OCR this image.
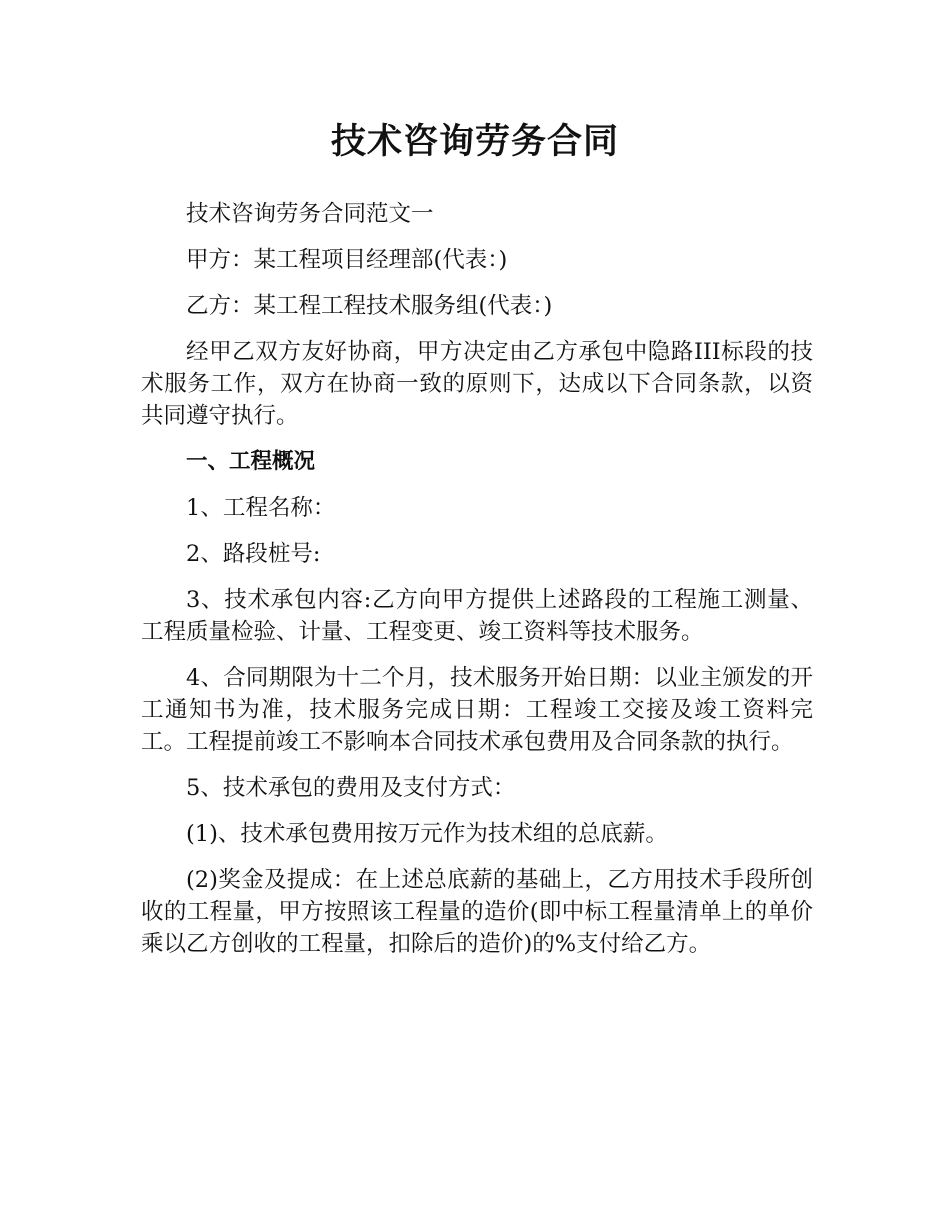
技术咨询劳务合同

技术咨询劳务合同范文一

甲方：某工程项目经理部(代表：)

乙方：某工程工程技术服务组(代表：)

经甲乙双方友好协商，甲方决定由乙方承包中隐路III标段的技术服务工作，双方在协商一致的原则下，达成以下合同条款，以资共同遵守执行。

一、工程概况

1、工程名称：

2、路段桩号:

3、技术承包内容:乙方向甲方提供上述路段的工程施工测量、工程质量检验、计量、工程变更、竣工资料等技术服务。

4、合同期限为十二个月，技术服务开始日期：以业主颁发的开工通知书为准，技术服务完成日期：工程竣工交接及竣工资料完工。工程提前竣工不影响本合同技术承包费用及合同条款的执行。

5、技术承包的费用及支付方式：

(1)、技术承包费用按万元作为技术组的总底薪。

(2)奖金及提成：在上述总底薪的基础上，乙方用技术手段所创收的工程量，甲方按照该工程量的造价(即中标工程量清单上的单价乘以乙方创收的工程量，扣除后的造价)的%支付给乙方。
